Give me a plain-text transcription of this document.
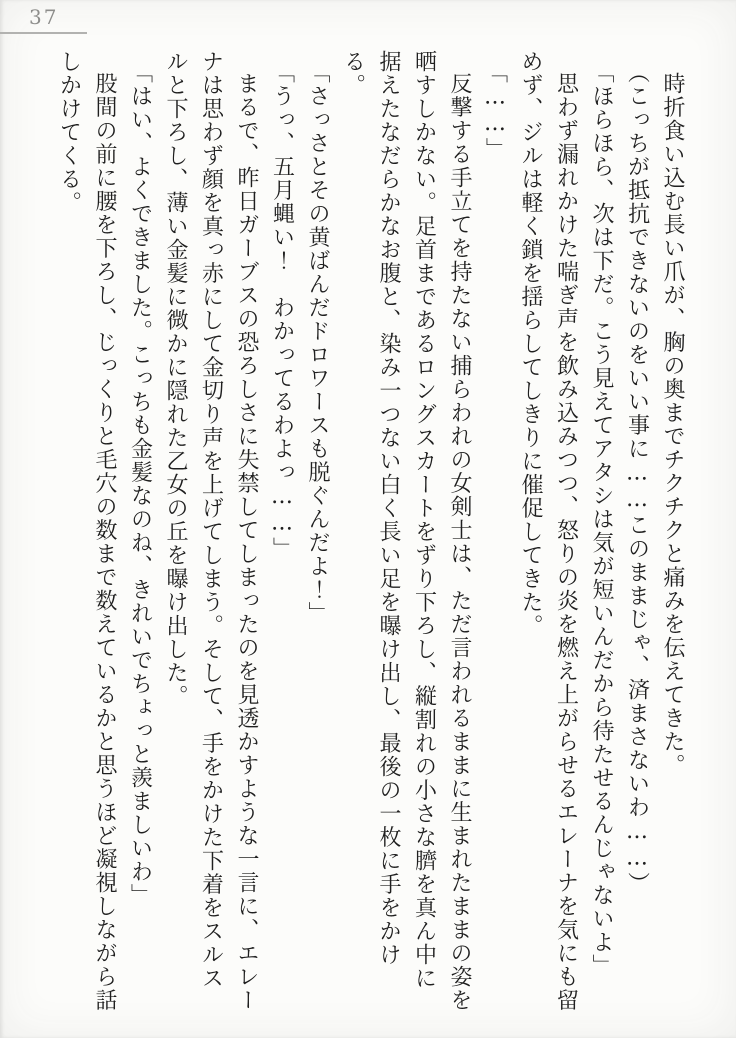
37

時折食い込む長い爪が、胸の奥までチクチクと痛みを伝えてきた。

（こっちが抵抗できないのをいい事に……このままじゃ、済まさないわ……）

「ほらほら、次は下だ。こう見えてアタシは気が短いんだから待たせるんじゃないよ」

思わず漏れかけた喘ぎ声を飲み込みつつ、怒りの炎を燃え上がらせるエレーナを気にも留めず、ジルは軽く鎖を揺らしてしきりに催促してきた。

「……」

反撃する手立てを持たない捕らわれの女剣士は、ただ言われるままに生まれたままの姿を晒すしかない。足首まであるロングスカートをずり下ろし、縦割れの小さな臍を真ん中に据えたなだらかなお腹と、染み一つない白く長い足を曝け出し、最後の一枚に手をかける。

「さっさとその黄ばんだドロワースも脱ぐんだよ！」

「うっ、五月蝿い！　わかってるわよっ……」

まるで、昨日ガーブスの恐ろしさに失禁してしまったのを見透かすような一言に、エレーナは思わず顔を真っ赤にして金切り声を上げてしまう。そして、手をかけた下着をスルスルと下ろし、薄い金髪に微かに隠れた乙女の丘を曝け出した。

「はい、よくできました。こっちも金髪なのね、きれいでちょっと羨ましいわ」

股間の前に腰を下ろし、じっくりと毛穴の数まで数えているかと思うほど凝視しながら話しかけてくる。
